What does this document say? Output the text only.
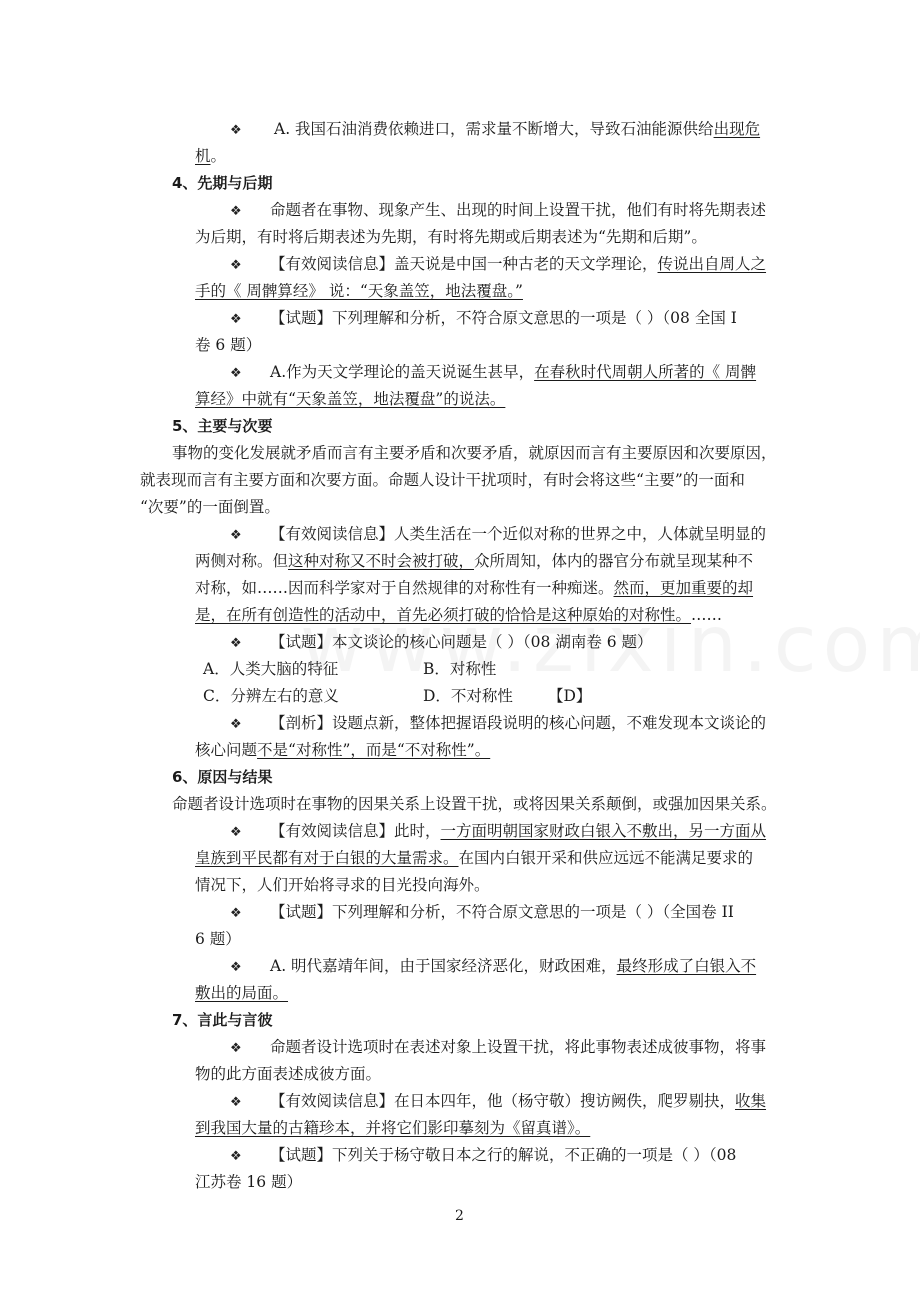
❖ A. 我国石油消费依赖进口，需求量不断增大，导致石油能源供给出现危
机。
4、先期与后期
❖ 命题者在事物、现象产生、出现的时间上设置干扰，他们有时将先期表述
为后期，有时将后期表述为先期，有时将先期或后期表述为“先期和后期”。
❖ 【有效阅读信息】盖天说是中国一种古老的天文学理论，传说出自周人之
手的《 周髀算经》 说：“天象盖笠，地法覆盘。”
❖ 【试题】下列理解和分析，不符合原文意思的一项是（ ）（08 全国 I
卷 6 题）
❖ A.作为天文学理论的盖天说诞生甚早，在春秋时代周朝人所著的《 周髀
算经》中就有“天象盖笠，地法覆盘”的说法。
5、主要与次要
事物的变化发展就矛盾而言有主要矛盾和次要矛盾，就原因而言有主要原因和次要原因，
就表现而言有主要方面和次要方面。命题人设计干扰项时，有时会将这些“主要”的一面和
“次要”的一面倒置。
❖ 【有效阅读信息】人类生活在一个近似对称的世界之中，人体就呈明显的
两侧对称。但这种对称又不时会被打破，众所周知，体内的器官分布就呈现某种不
对称，如……因而科学家对于自然规律的对称性有一种痴迷。然而，更加重要的却
是，在所有创造性的活动中，首先必须打破的恰恰是这种原始的对称性。……
❖ 【试题】本文谈论的核心问题是（ ）（08 湖南卷 6 题）
A．人类大脑的特征	B．对称性
C．分辨左右的意义	D．不对称性 【D】
❖ 【剖析】设题点新，整体把握语段说明的核心问题，不难发现本文谈论的
核心问题不是“对称性”，而是“不对称性”。
6、原因与结果
命题者设计选项时在事物的因果关系上设置干扰，或将因果关系颠倒，或强加因果关系。
❖ 【有效阅读信息】此时，一方面明朝国家财政白银入不敷出，另一方面从
皇族到平民都有对于白银的大量需求。在国内白银开采和供应远远不能满足要求的
情况下，人们开始将寻求的目光投向海外。
❖ 【试题】下列理解和分析，不符合原文意思的一项是（ ）（全国卷 II
6 题）
❖ A. 明代嘉靖年间，由于国家经济恶化，财政困难，最终形成了白银入不
敷出的局面。
7、言此与言彼
❖ 命题者设计选项时在表述对象上设置干扰，将此事物表述成彼事物，将事
物的此方面表述成彼方面。
❖ 【有效阅读信息】在日本四年，他（杨守敬）搜访阙佚，爬罗剔抉，收集
到我国大量的古籍珍本，并将它们影印摹刻为《留真谱》。
❖ 【试题】下列关于杨守敬日本之行的解说，不正确的一项是（ ）（08
江苏卷 16 题）
2
